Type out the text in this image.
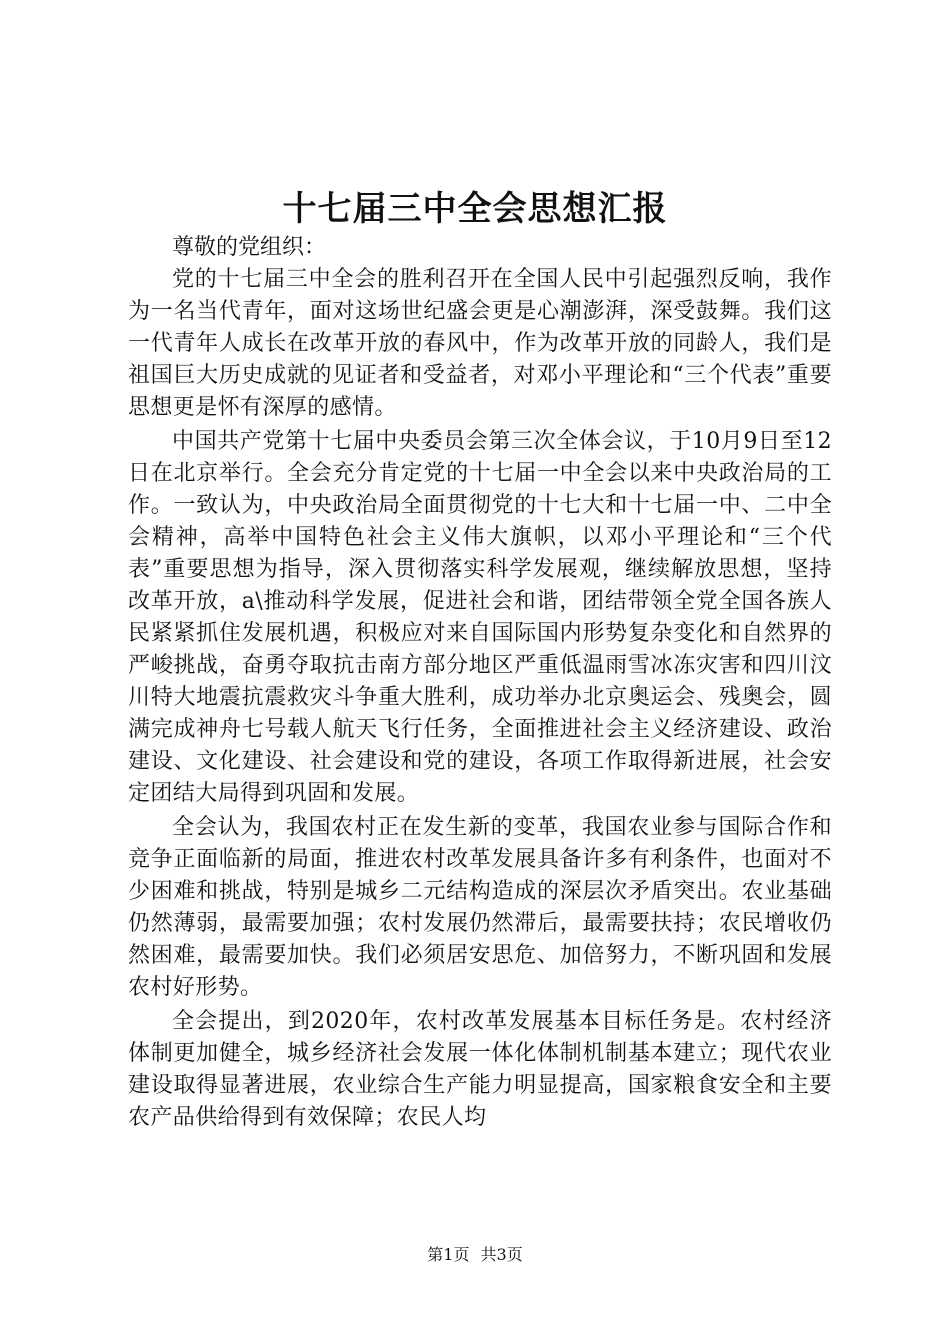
十七届三中全会思想汇报

尊敬的党组织：

党的十七届三中全会的胜利召开在全国人民中引起强烈反响，我作为一名当代青年，面对这场世纪盛会更是心潮澎湃，深受鼓舞。我们这一代青年人成长在改革开放的春风中，作为改革开放的同龄人，我们是祖国巨大历史成就的见证者和受益者，对邓小平理论和“三个代表”重要思想更是怀有深厚的感情。

中国共产党第十七届中央委员会第三次全体会议，于10月9日至12日在北京举行。全会充分肯定党的十七届一中全会以来中央政治局的工作。一致认为，中央政治局全面贯彻党的十七大和十七届一中、二中全会精神，高举中国特色社会主义伟大旗帜，以邓小平理论和“三个代表”重要思想为指导，深入贯彻落实科学发展观，继续解放思想，坚持改革开放，a\推动科学发展，促进社会和谐，团结带领全党全国各族人民紧紧抓住发展机遇，积极应对来自国际国内形势复杂变化和自然界的严峻挑战，奋勇夺取抗击南方部分地区严重低温雨雪冰冻灾害和四川汶川特大地震抗震救灾斗争重大胜利，成功举办北京奥运会、残奥会，圆满完成神舟七号载人航天飞行任务，全面推进社会主义经济建设、政治建设、文化建设、社会建设和党的建设，各项工作取得新进展，社会安定团结大局得到巩固和发展。

全会认为，我国农村正在发生新的变革，我国农业参与国际合作和竞争正面临新的局面，推进农村改革发展具备许多有利条件，也面对不少困难和挑战，特别是城乡二元结构造成的深层次矛盾突出。农业基础仍然薄弱，最需要加强；农村发展仍然滞后，最需要扶持；农民增收仍然困难，最需要加快。我们必须居安思危、加倍努力，不断巩固和发展农村好形势。

全会提出，到2020年，农村改革发展基本目标任务是。农村经济体制更加健全，城乡经济社会发展一体化体制机制基本建立；现代农业建设取得显著进展，农业综合生产能力明显提高，国家粮食安全和主要农产品供给得到有效保障；农民人均

第1页 共3页
